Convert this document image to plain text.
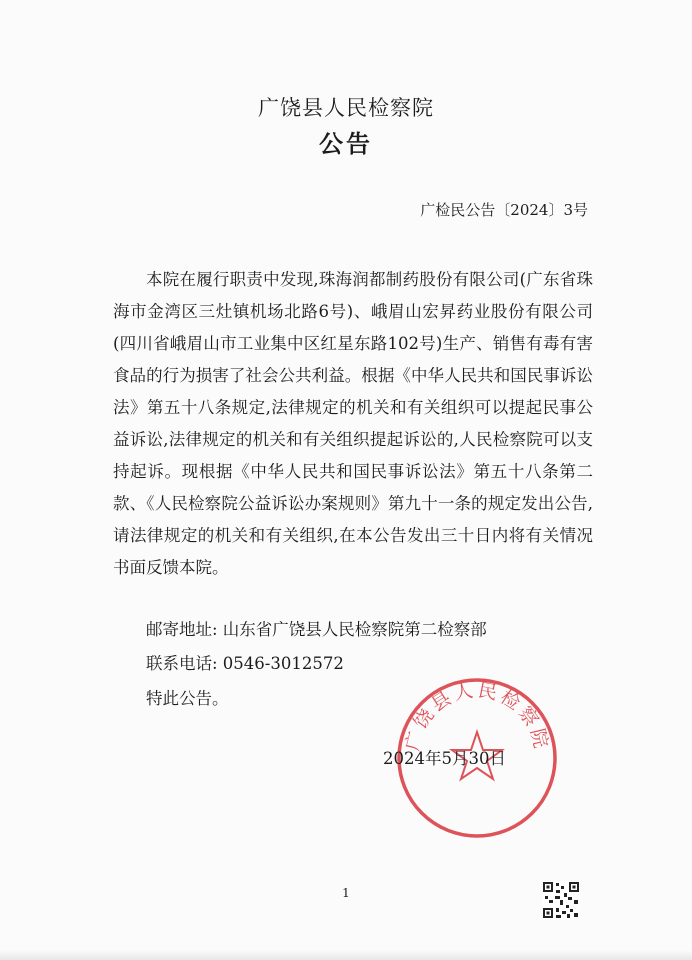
广饶县人民检察院
公告
广检民公告〔2024〕3号
本院在履行职责中发现,珠海润都制药股份有限公司(广东省珠海市金湾区三灶镇机场北路6号)、峨眉山宏昇药业股份有限公司(四川省峨眉山市工业集中区红星东路102号)生产、销售有毒有害食品的行为损害了社会公共利益。根据《中华人民共和国民事诉讼法》第五十八条规定,法律规定的机关和有关组织可以提起民事公益诉讼,法律规定的机关和有关组织提起诉讼的,人民检察院可以支持起诉。现根据《中华人民共和国民事诉讼法》第五十八条第二款、《人民检察院公益诉讼办案规则》第九十一条的规定发出公告,请法律规定的机关和有关组织,在本公告发出三十日内将有关情况书面反馈本院。
邮寄地址: 山东省广饶县人民检察院第二检察部
联系电话: 0546-3012572
特此公告。
广饶县人民检察院
2024年5月30日
1
